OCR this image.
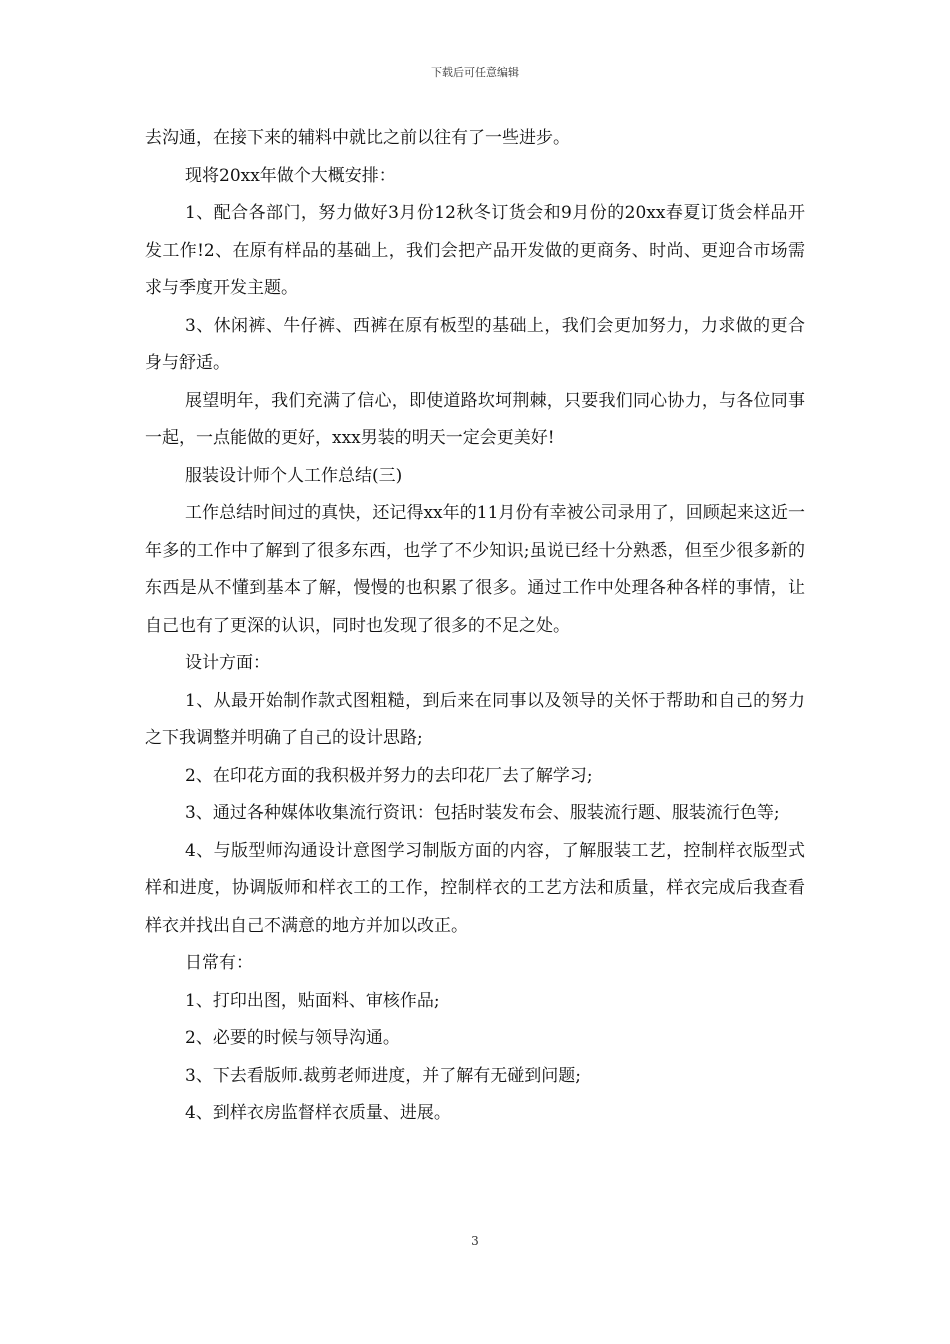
下载后可任意编辑

去沟通，在接下来的辅料中就比之前以往有了一些进步。

现将20xx年做个大概安排：

1、配合各部门，努力做好3月份12秋冬订货会和9月份的20xx春夏订货会样品开发工作!2、在原有样品的基础上，我们会把产品开发做的更商务、时尚、更迎合市场需求与季度开发主题。

3、休闲裤、牛仔裤、西裤在原有板型的基础上，我们会更加努力，力求做的更合身与舒适。

展望明年，我们充满了信心，即使道路坎坷荆棘，只要我们同心协力，与各位同事一起，一点能做的更好，xxx男装的明天一定会更美好!

服装设计师个人工作总结(三)

工作总结时间过的真快，还记得xx年的11月份有幸被公司录用了，回顾起来这近一年多的工作中了解到了很多东西，也学了不少知识;虽说已经十分熟悉，但至少很多新的东西是从不懂到基本了解，慢慢的也积累了很多。通过工作中处理各种各样的事情，让自己也有了更深的认识，同时也发现了很多的不足之处。

设计方面：

1、从最开始制作款式图粗糙，到后来在同事以及领导的关怀于帮助和自己的努力之下我调整并明确了自己的设计思路;

2、在印花方面的我积极并努力的去印花厂去了解学习;

3、通过各种媒体收集流行资讯：包括时装发布会、服装流行题、服装流行色等;

4、与版型师沟通设计意图学习制版方面的内容，了解服装工艺，控制样衣版型式样和进度，协调版师和样衣工的工作，控制样衣的工艺方法和质量，样衣完成后我查看样衣并找出自己不满意的地方并加以改正。

日常有：

1、打印出图，贴面料、审核作品;

2、必要的时候与领导沟通。

3、下去看版师.裁剪老师进度，并了解有无碰到问题;

4、到样衣房监督样衣质量、进展。

3
